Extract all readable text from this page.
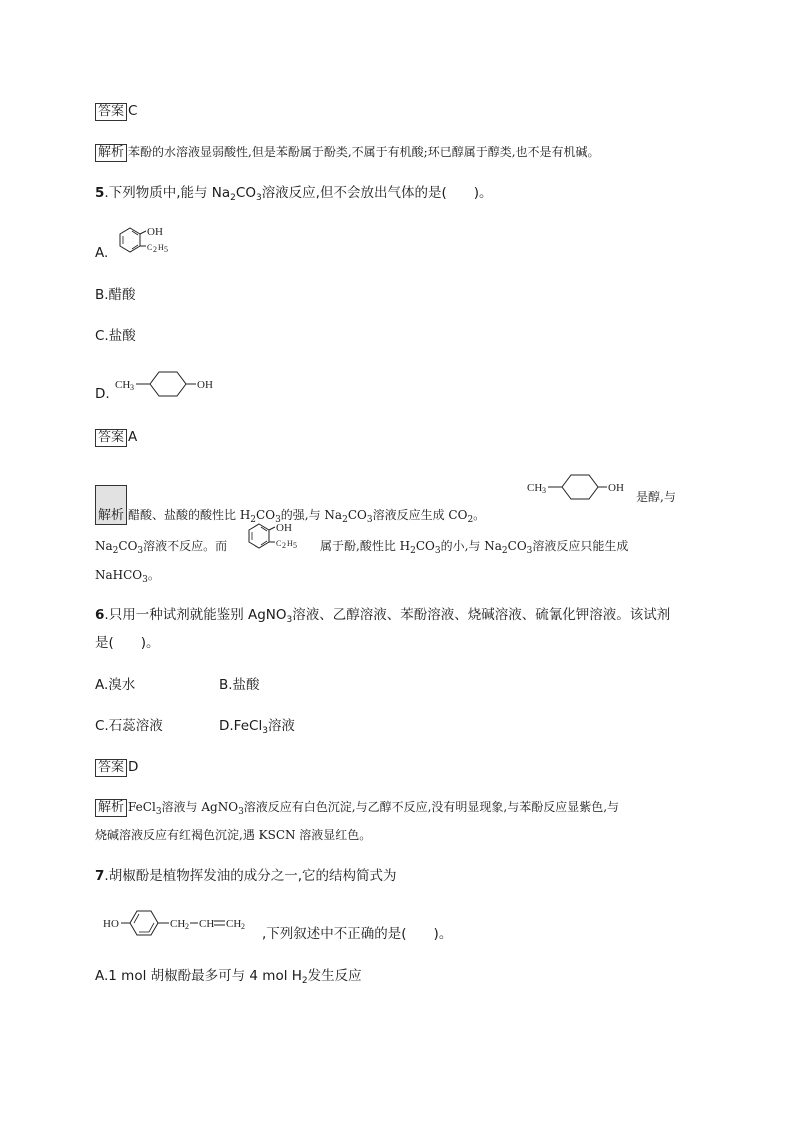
答案 C
解析 苯酚的水溶液显弱酸性,但是苯酚属于酚类,不属于有机酸;环已醇属于醇类,也不是有机碱。
5.下列物质中,能与 $Na_2CO_3$溶液反应,但不会放出气体的是(　　)。
A.
OH
C 2 H 5
B.醋酸
C.盐酸
D.
CH 3	OH
答案 A
解析 醋酸、盐酸的酸性比 $H_2CO_3$的强,与 $Na_2CO_3$溶液反应生成 $CO_2$。
CH 3	OH
是醇,与
$Na_2CO_3$溶液不反应。而
OH
C 2 H 5 属于酚,酸性比 $H_2CO_3$的小,与 $Na_2CO_3$溶液反应只能生成
NaHCO$_3$。
6.只用一种试剂就能鉴别 AgNO$_3$溶液、乙醇溶液、苯酚溶液、烧碱溶液、硫氰化钾溶液。该试剂
是(　　)。
A.溴水	B.盐酸
C.石蕊溶液	D.FeCl$_3$溶液
答案 D
解析 FeCl$_3$溶液与 AgNO$_3$溶液反应有白色沉淀,与乙醇不反应,没有明显现象,与苯酚反应显紫色,与
烧碱溶液反应有红褐色沉淀,遇 KSCN 溶液显红色。
7.胡椒酚是植物挥发油的成分之一,它的结构简式为
HO	CH 2 CH CH 2 ,下列叙述中不正确的是(　　)。
A.1 mol 胡椒酚最多可与 4 mol $H_2$发生反应
